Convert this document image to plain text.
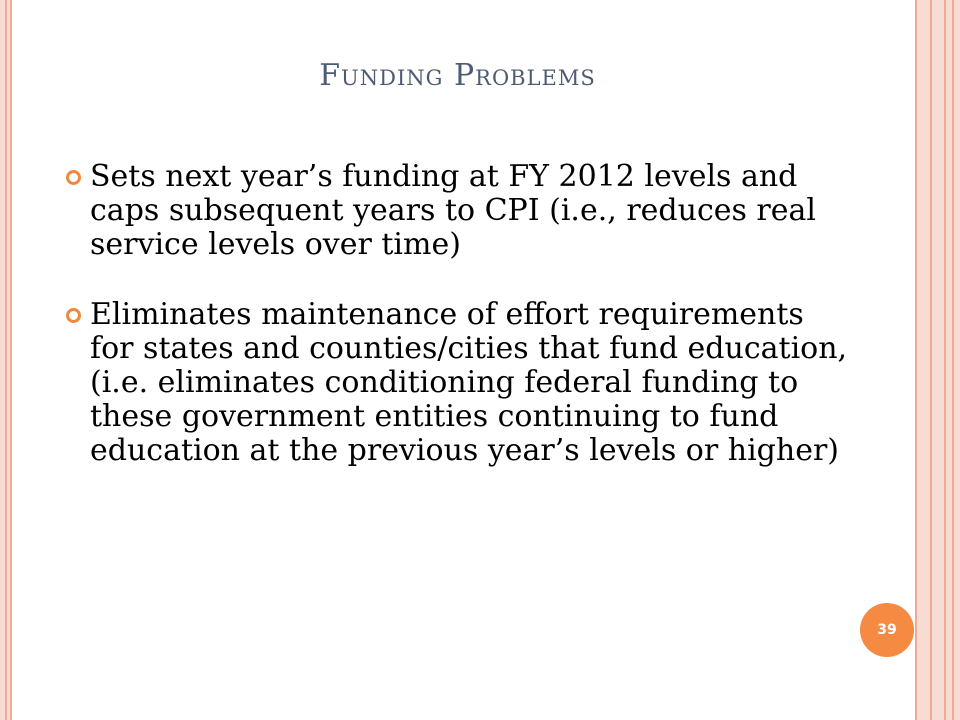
Funding Problems
Sets next year’s funding at FY 2012 levels and caps subsequent years to CPI (i.e., reduces real service levels over time)
Eliminates maintenance of effort requirements for states and counties/cities that fund education, (i.e. eliminates conditioning federal funding to these government entities continuing to fund education at the previous year’s levels or higher)
39
